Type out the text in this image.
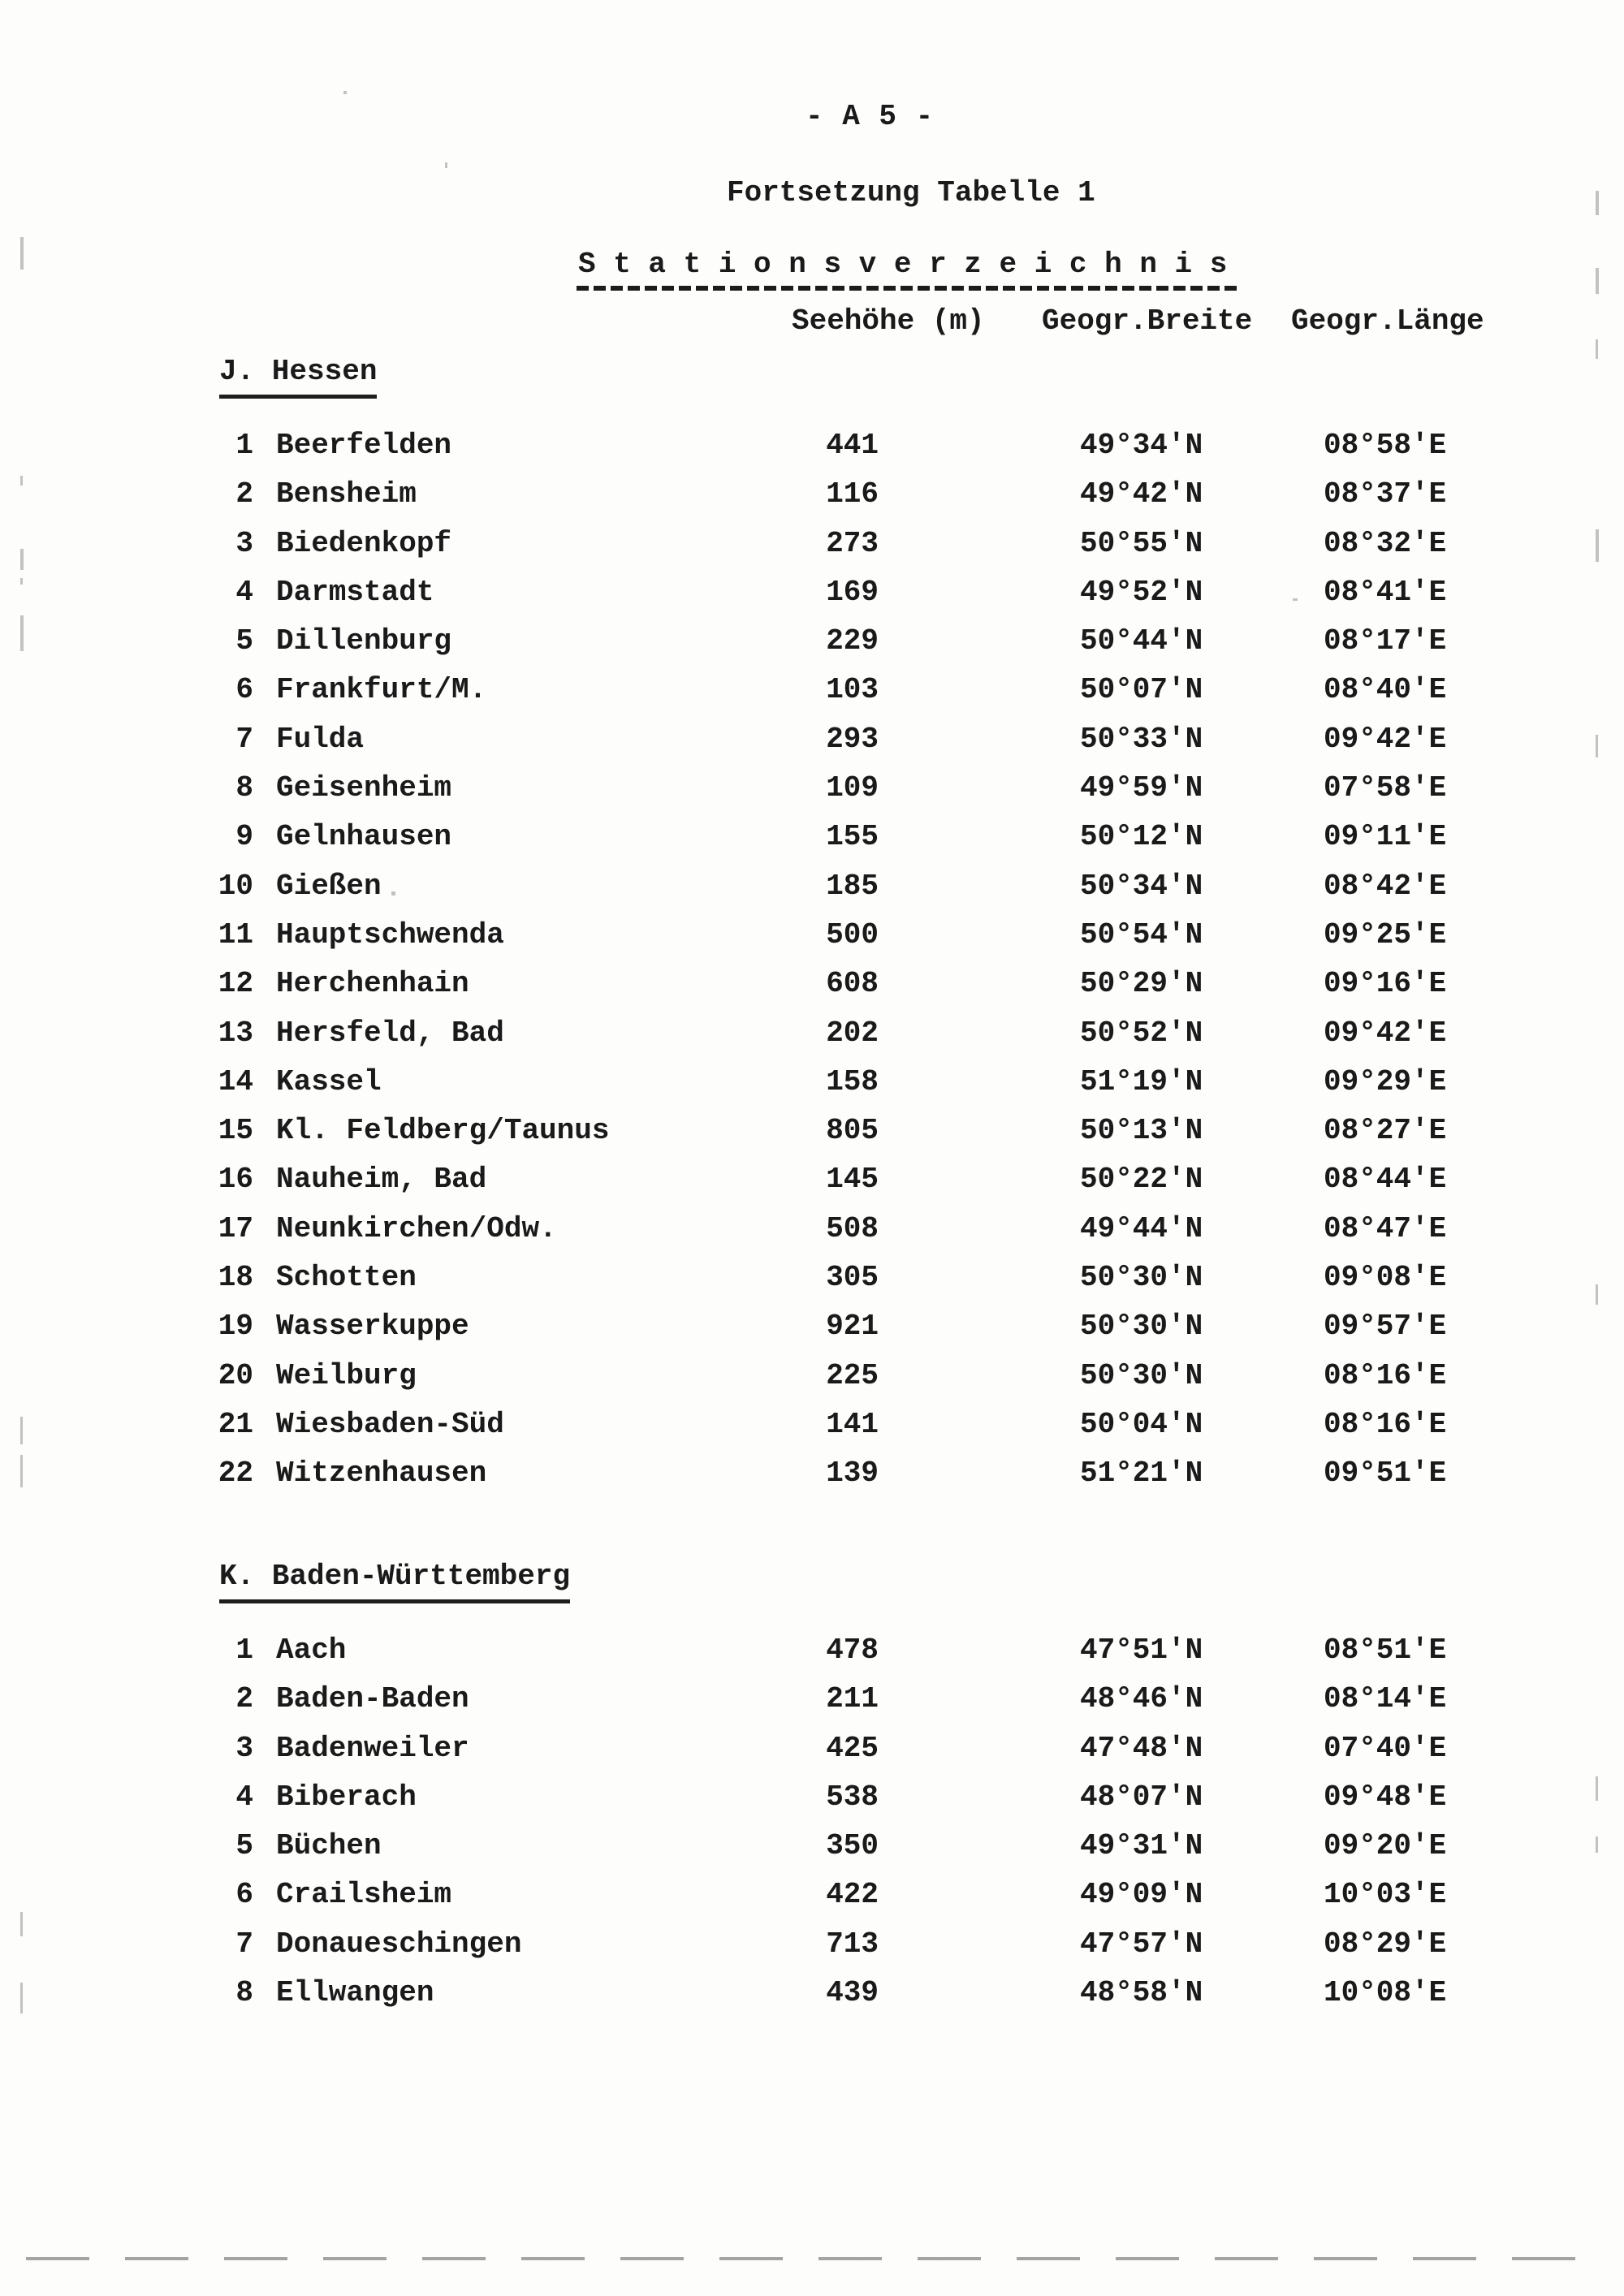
- A 5 -
Fortsetzung Tabelle 1
S t a t i o n s v e r z e i c h n i s
Seehöhe (m) Geogr.Breite Geogr.Länge
J. Hessen
1 Beerfelden	441	49°34'N	08°58'E
2 Bensheim	116	49°42'N	08°37'E
3 Biedenkopf	273	50°55'N	08°32'E
4 Darmstadt	169	49°52'N	08°41'E
5 Dillenburg	229	50°44'N	08°17'E
6 Frankfurt/M.	103	50°07'N	08°40'E
7 Fulda	293	50°33'N	09°42'E
8 Geisenheim	109	49°59'N	07°58'E
9 Gelnhausen	155	50°12'N	09°11'E
10 Gießen	185	50°34'N	08°42'E
11 Hauptschwenda	500	50°54'N	09°25'E
12 Herchenhain	608	50°29'N	09°16'E
13 Hersfeld, Bad	202	50°52'N	09°42'E
14 Kassel	158	51°19'N	09°29'E
15 Kl. Feldberg/Taunus	805	50°13'N	08°27'E
16 Nauheim, Bad	145	50°22'N	08°44'E
17 Neunkirchen/Odw.	508	49°44'N	08°47'E
18 Schotten	305	50°30'N	09°08'E
19 Wasserkuppe	921	50°30'N	09°57'E
20 Weilburg	225	50°30'N	08°16'E
21 Wiesbaden-Süd	141	50°04'N	08°16'E
22 Witzenhausen	139	51°21'N	09°51'E
K. Baden-Württemberg
1 Aach	478	47°51'N	08°51'E
2 Baden-Baden	211	48°46'N	08°14'E
3 Badenweiler	425	47°48'N	07°40'E
4 Biberach	538	48°07'N	09°48'E
5 Büchen	350	49°31'N	09°20'E
6 Crailsheim	422	49°09'N	10°03'E
7 Donaueschingen	713	47°57'N	08°29'E
8 Ellwangen	439	48°58'N	10°08'E
